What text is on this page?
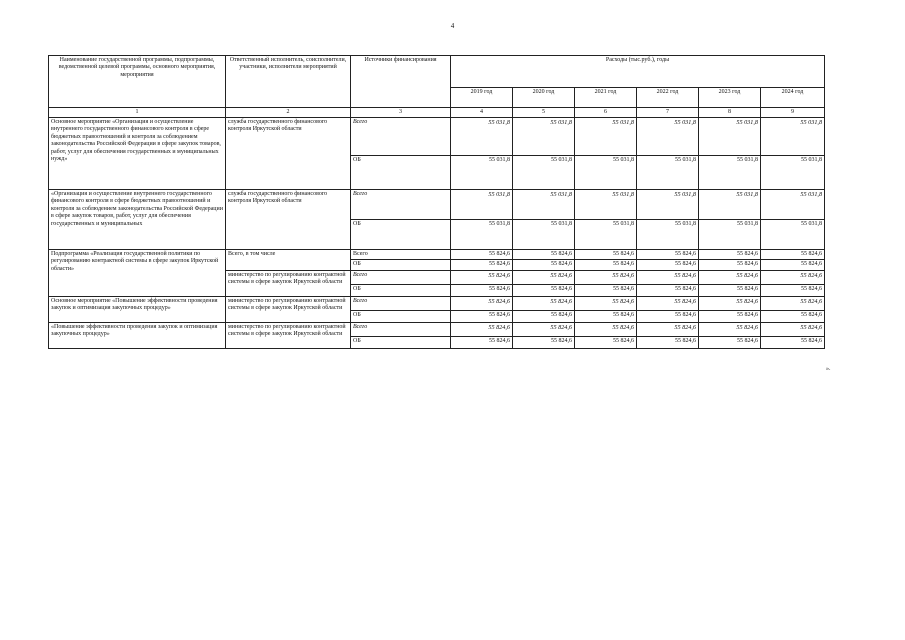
4
Наименование государственной программы, подпрограммы, ведомственной целевой программы, основного мероприятия, мероприятия	Ответственный исполнитель, соисполнители, участники, исполнители мероприятий	Источники финансирования	Расходы (тыс.руб.), годы					
			2019 год	2020 год	2021 год	2022 год	2023 год	2024 год
1	2	3	4	5	6	7	8	9
Основное мероприятие «Организация и осуществление внутреннего государственного финансового контроля в сфере бюджетных правоотношений и контроля за соблюдением законодательства Российской Федерации в сфере закупок товаров, работ, услуг для обеспечения государственных и муниципальных нужд»	служба государственного финансового контроля Иркутской области	Всего	55 031,8	55 031,8	55 031,8	55 031,8	55 031,8	55 031,8
		ОБ	55 031,8	55 031,8	55 031,8	55 031,8	55 031,8	55 031,8
«Организация и осуществление внутреннего государственного финансового контроля в сфере бюджетных правоотношений и контроля за соблюдением законодательства Российской Федерации в сфере закупок товаров, работ, услуг для обеспечения государственных и муниципальных	служба государственного финансового контроля Иркутской области	Всего	55 031,8	55 031,8	55 031,8	55 031,8	55 031,8	55 031,8
		ОБ	55 031,8	55 031,8	55 031,8	55 031,8	55 031,8	55 031,8
Подпрограмма «Реализация государственной политики по регулированию контрактной системы в сфере закупок Иркутской области»	Всего, в том числе	Всего	55 824,6	55 824,6	55 824,6	55 824,6	55 824,6	55 824,6
		ОБ	55 824,6	55 824,6	55 824,6	55 824,6	55 824,6	55 824,6
	министерство по регулированию контрактной системы в сфере закупок Иркутской области	Всего	55 824,6	55 824,6	55 824,6	55 824,6	55 824,6	55 824,6
		ОБ	55 824,6	55 824,6	55 824,6	55 824,6	55 824,6	55 824,6
Основное мероприятие «Повышение эффективности проведения закупок и оптимизация закупочных процедур»	министерство по регулированию контрактной системы в сфере закупок Иркутской области	Всего	55 824,6	55 824,6	55 824,6	55 824,6	55 824,6	55 824,6
		ОБ	55 824,6	55 824,6	55 824,6	55 824,6	55 824,6	55 824,6
«Повышение эффективности проведения закупок и оптимизация закупочных процедур»	министерство по регулированию контрактной системы в сфере закупок Иркутской области	Всего	55 824,6	55 824,6	55 824,6	55 824,6	55 824,6	55 824,6
		ОБ	55 824,6	55 824,6	55 824,6	55 824,6	55 824,6	55 824,6
».
